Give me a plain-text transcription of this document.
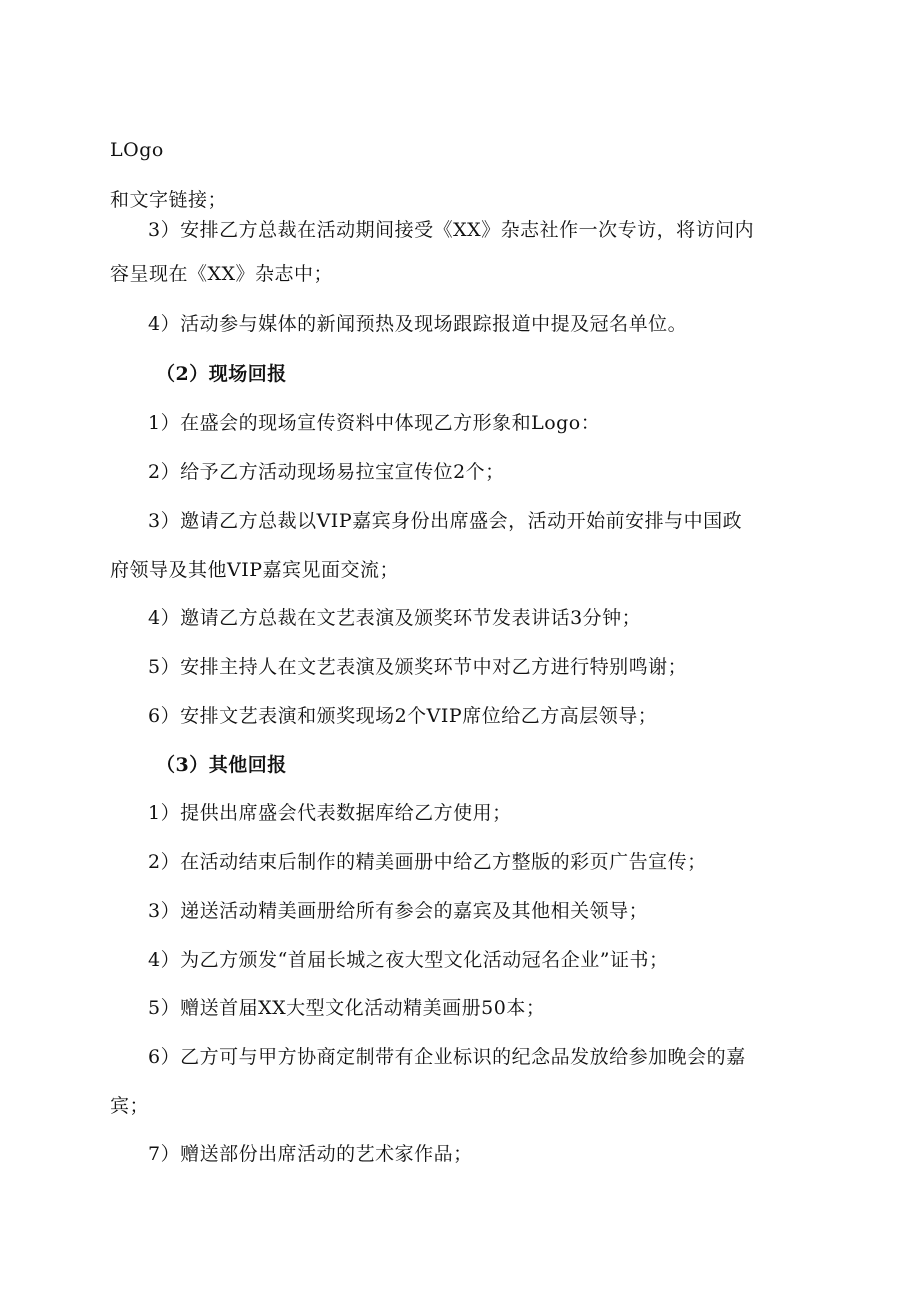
LOgo
和文字链接；
3）安排乙方总裁在活动期间接受《XX》杂志社作一次专访，将访问内
容呈现在《XX》杂志中；
4）活动参与媒体的新闻预热及现场跟踪报道中提及冠名单位。
（2）现场回报
1）在盛会的现场宣传资料中体现乙方形象和Logo：
2）给予乙方活动现场易拉宝宣传位2个；
3）邀请乙方总裁以VIP嘉宾身份出席盛会，活动开始前安排与中国政
府领导及其他VIP嘉宾见面交流；
4）邀请乙方总裁在文艺表演及颁奖环节发表讲话3分钟；
5）安排主持人在文艺表演及颁奖环节中对乙方进行特别鸣谢；
6）安排文艺表演和颁奖现场2个VIP席位给乙方高层领导；
（3）其他回报
1）提供出席盛会代表数据库给乙方使用；
2）在活动结束后制作的精美画册中给乙方整版的彩页广告宣传；
3）递送活动精美画册给所有参会的嘉宾及其他相关领导；
4）为乙方颁发“首届长城之夜大型文化活动冠名企业”证书；
5）赠送首届XX大型文化活动精美画册50本；
6）乙方可与甲方协商定制带有企业标识的纪念品发放给参加晚会的嘉
宾；
7）赠送部份出席活动的艺术家作品；
